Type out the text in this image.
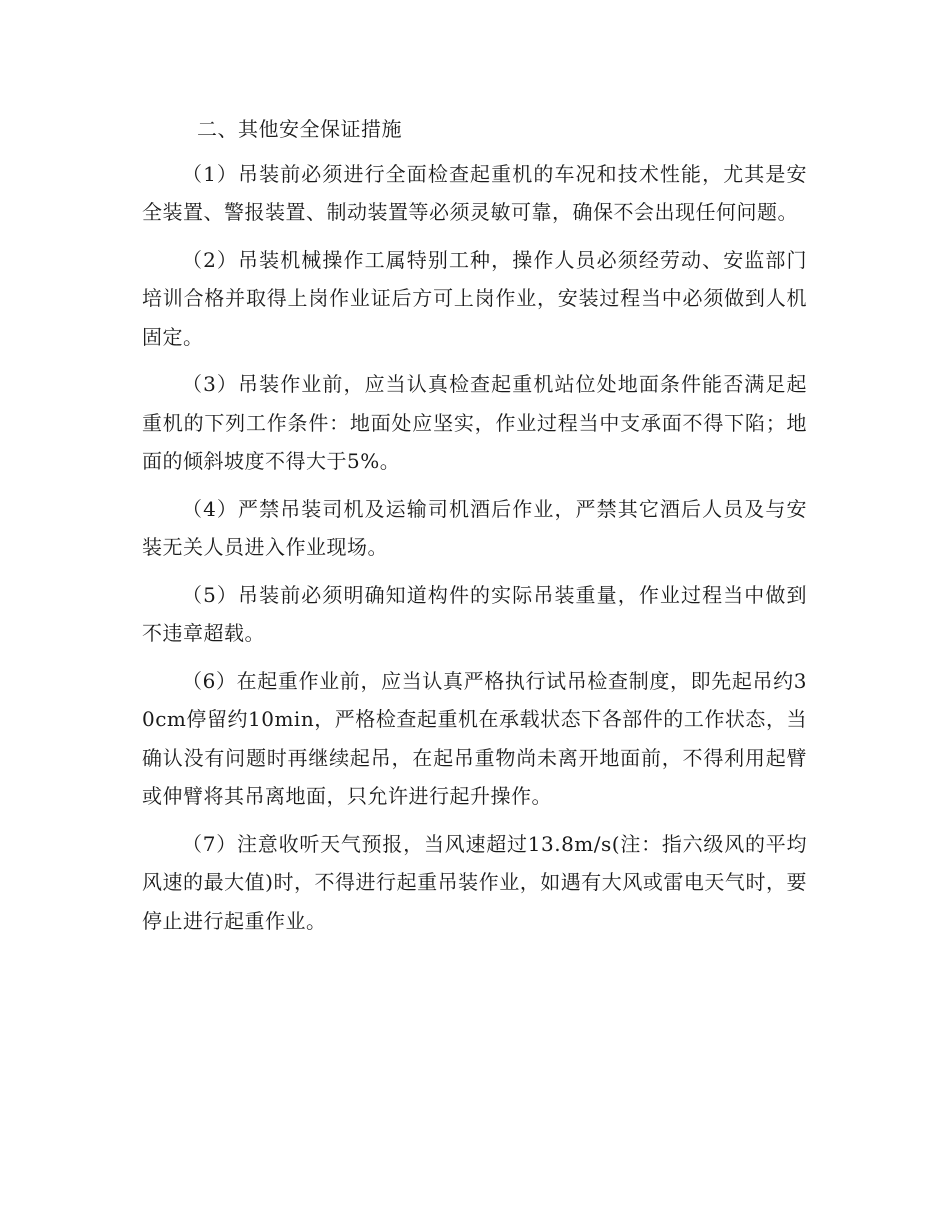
二、其他安全保证措施

（1）吊装前必须进行全面检查起重机的车况和技术性能，尤其是安全装置、警报装置、制动装置等必须灵敏可靠，确保不会出现任何问题。

（2）吊装机械操作工属特别工种，操作人员必须经劳动、安监部门培训合格并取得上岗作业证后方可上岗作业，安装过程当中必须做到人机固定。

（3）吊装作业前，应当认真检查起重机站位处地面条件能否满足起重机的下列工作条件：地面处应坚实，作业过程当中支承面不得下陷；地面的倾斜坡度不得大于5%。

（4）严禁吊装司机及运输司机酒后作业，严禁其它酒后人员及与安装无关人员进入作业现场。

（5）吊装前必须明确知道构件的实际吊装重量，作业过程当中做到不违章超载。

（6）在起重作业前，应当认真严格执行试吊检查制度，即先起吊约30cm停留约10min，严格检查起重机在承载状态下各部件的工作状态，当确认没有问题时再继续起吊，在起吊重物尚未离开地面前，不得利用起臂或伸臂将其吊离地面，只允许进行起升操作。

（7）注意收听天气预报，当风速超过13.8m/s(注：指六级风的平均风速的最大值)时，不得进行起重吊装作业，如遇有大风或雷电天气时，要停止进行起重作业。
